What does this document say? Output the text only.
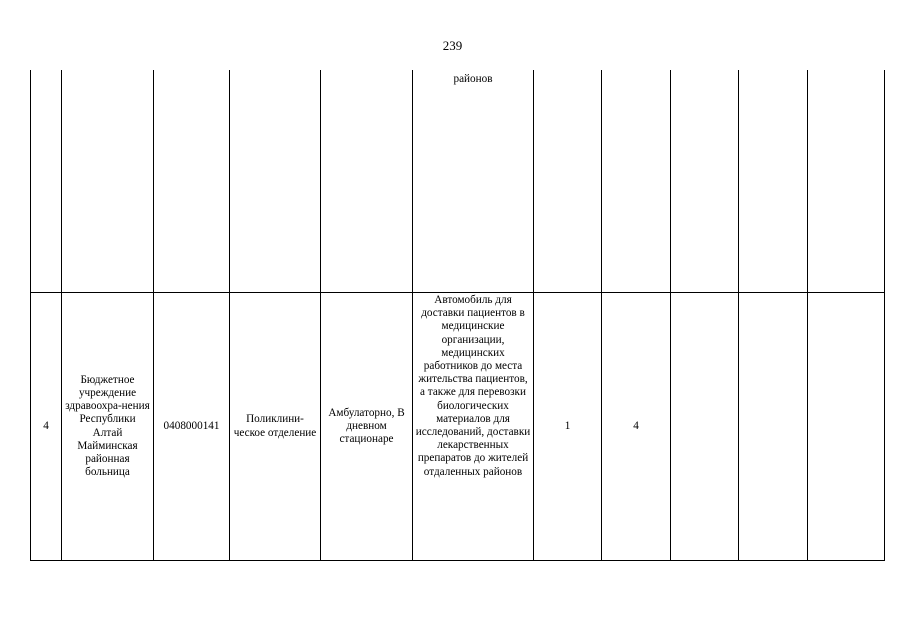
239
					районов					
4	Бюджетное учреждение здравоохра-нения Республики Алтай Майминская районная больница	0408000141	Поликлини-ческое отделение	Амбулаторно, В дневном стационаре	Автомобиль для доставки пациентов в медицинские организации, медицинских работников до места жительства пациентов, а также для перевозки биологических материалов для исследований, доставки лекарственных препаратов до жителей отдаленных районов	1	4			
